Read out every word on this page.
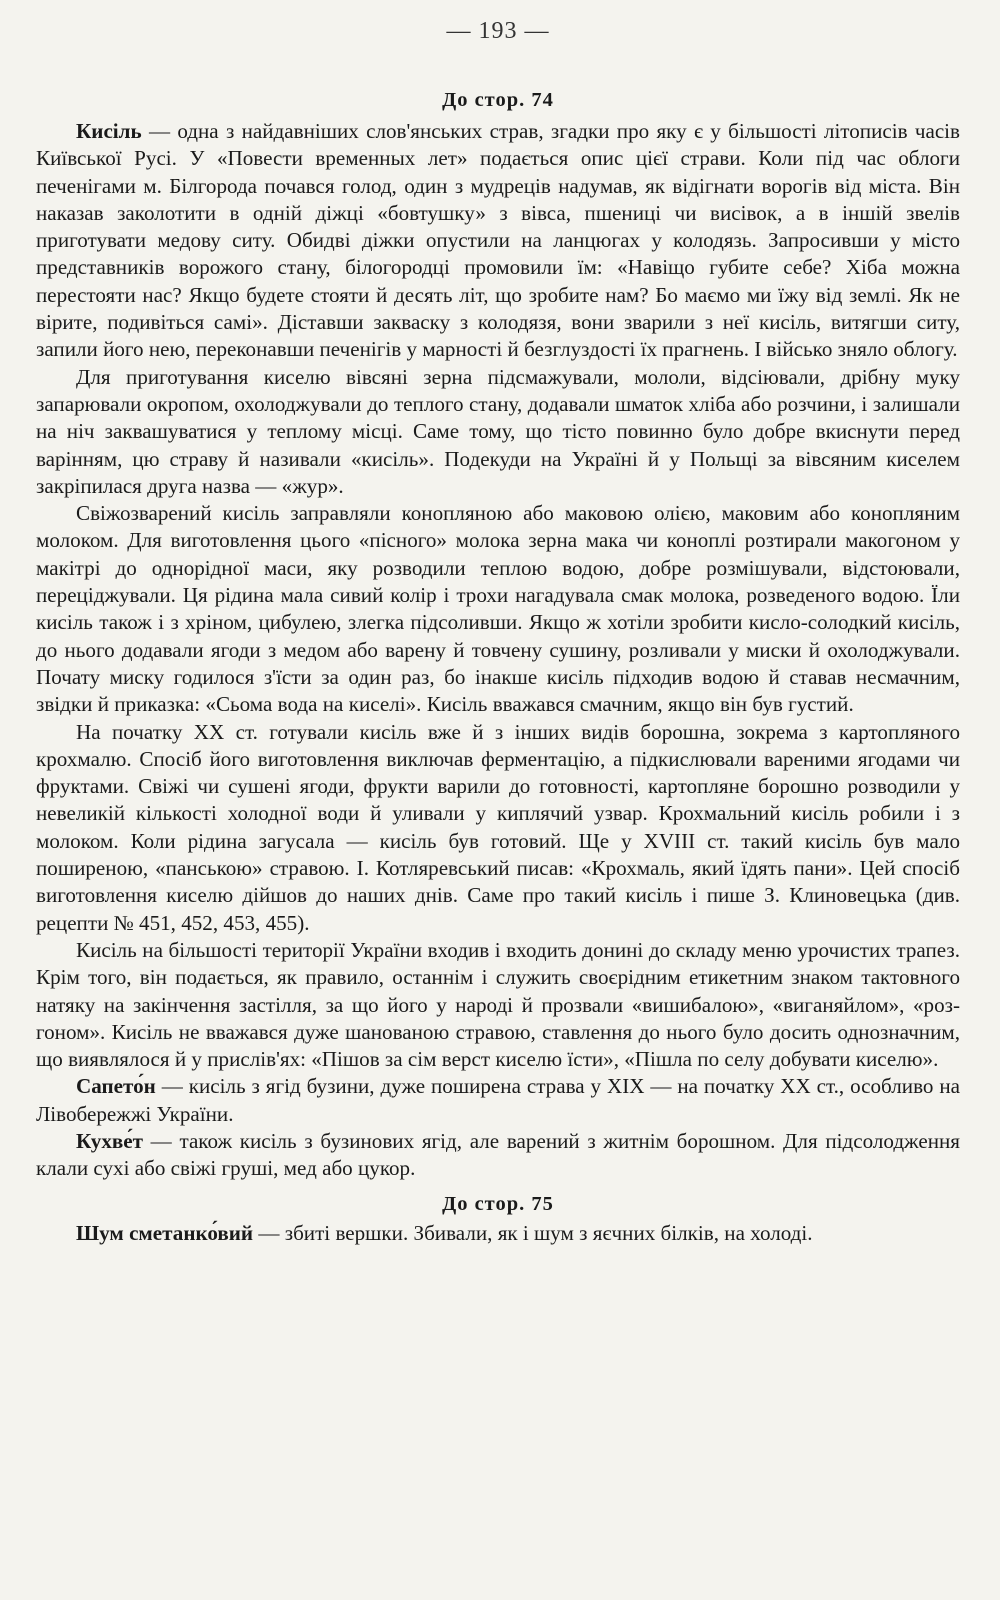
— 193 —
До стор. 74

Кисіль — одна з найдавніших слов'янських страв, згадки про яку є у більшості літописів часів Київської Русі. У «Повести временных лет» подається опис цієї страви. Коли під час облоги печенігами м. Білгорода почався голод, один з мудреців надумав, як відігнати ворогів від міста. Він наказав заколотити в одній діжці «бовтушку» з вівса, пшениці чи висівок, а в іншій звелів приготувати медову ситу. Обидві діжки опустили на ланцюгах у колодязь. Запросивши у місто представників ворожого стану, білогородці промовили їм: «Навіщо губите себе? Хіба можна перестояти нас? Якщо будете стояти й десять літ, що зробите нам? Бо маємо ми їжу від землі. Як не вірите, подивіться самі». Діставши закваску з колодязя, вони зварили з неї кисіль, витягши ситу, запили його нею, переконавши печенігів у марності й безглуздості їх прагнень. І військо зняло облогу.

Для приготування киселю вівсяні зерна підсмажували, мололи, відсіювали, дрібну муку запарювали окропом, охолоджували до теплого стану, додавали шматок хліба або розчини, і залишали на ніч заквашуватися у теплому місці. Саме тому, що тісто повинно було добре вкиснути перед варінням, цю страву й називали «кисіль». Подекуди на Україні й у Польщі за вівсяним киселем закріпилася друга назва — «жур».

Свіжозварений кисіль заправляли конопляною або маковою олією, маковим або конопляним молоком. Для виготовлення цього «пісного» молока зерна мака чи коноплі розтирали макогоном у макітрі до однорідної маси, яку розводили теплою водою, добре розмішували, відстоювали, переціджували. Ця рідина мала сивий колір і трохи нагадувала смак молока, розведеного водою. Їли кисіль також і з хріном, цибулею, злегка підсоливши. Якщо ж хотіли зробити кисло-солодкий кисіль, до нього додавали ягоди з медом або варену й товчену сушину, розливали у миски й охолоджували. Почату миску годилося з'їсти за один раз, бо інакше кисіль підходив водою й ставав несмачним, звідки й приказка: «Сьома вода на киселі». Кисіль вважався смачним, якщо він був густий.

На початку XX ст. готували кисіль вже й з інших видів борошна, зокрема з картопляного крохмалю. Спосіб його виготовлення виключав ферментацію, а підкислювали вареними ягодами чи фруктами. Свіжі чи сушені ягоди, фрукти варили до готовності, картопляне борошно розводили у невеликій кількості холодної води й уливали у киплячий узвар. Крохмальний кисіль робили і з молоком. Коли рідина загусала — кисіль був готовий. Ще у XVIII ст. такий кисіль був мало поширеною, «панською» стравою. І. Котляревський писав: «Крохмаль, який їдять пани». Цей спосіб виготовлення киселю дійшов до наших днів. Саме про такий кисіль і пише З. Клиновецька (див. рецепти № 451, 452, 453, 455).

Кисіль на більшості території України входив і входить донині до складу меню урочистих трапез. Крім того, він подається, як правило, останнім і служить своєрідним етикетним знаком тактовного натяку на закінчення застілля, за що його у народі й прозвали «вишибалою», «виганяйлом», «розгоном». Кисіль не вважався дуже шанованою стравою, ставлення до нього було досить однозначним, що виявлялося й у прислів'ях: «Пішов за сім верст киселю їсти», «Пішла по селу добувати киселю».

Сапето́н — кисіль з ягід бузини, дуже поширена страва у XIX — на початку XX ст., особливо на Лівобережжі України.

Кухве́т — також кисіль з бузинових ягід, але варений з житнім борошном. Для підсолодження клали сухі або свіжі груші, мед або цукор.

До стор. 75

Шум сметанко́вий — збиті вершки. Збивали, як і шум з яєчних білків, на холоді.
